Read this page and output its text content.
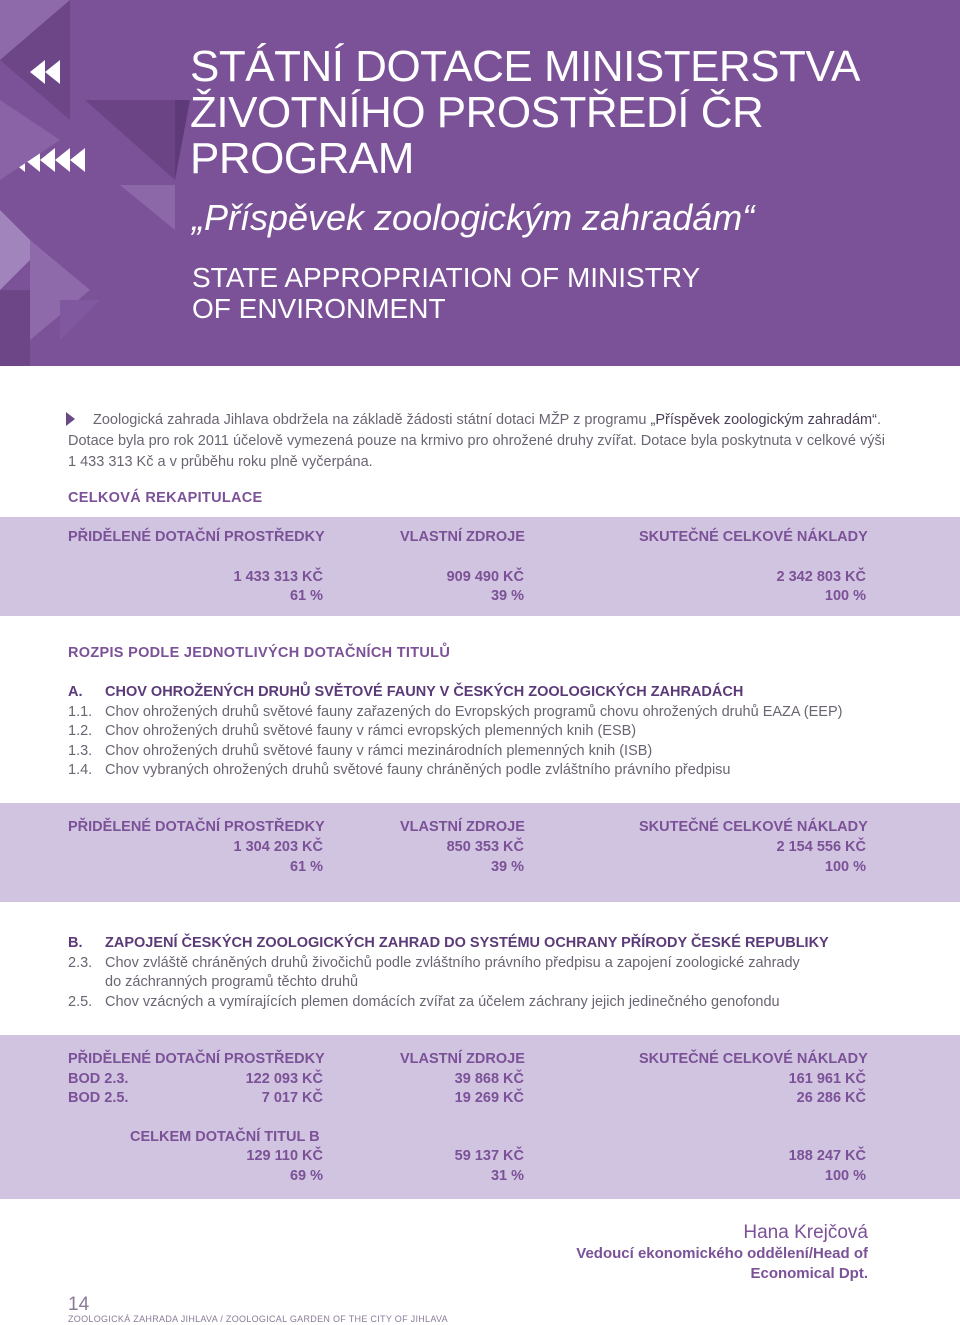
STÁTNÍ DOTACE MINISTERSTVA
ŽIVOTNÍHO PROSTŘEDÍ ČR
PROGRAM
„Příspěvek zoologickým zahradám“
STATE APPROPRIATION OF MINISTRY
OF ENVIRONMENT
Zoologická zahrada Jihlava obdržela na základě žádosti státní dotaci MŽP z programu „Příspěvek zoologickým zahradám“.
Dotace byla pro rok 2011 účelově vymezená pouze na krmivo pro ohrožené druhy zvířat. Dotace byla poskytnuta v celkové výši
1 433 313 Kč a v průběhu roku plně vyčerpána.
CELKOVÁ REKAPITULACE
PŘIDĚLENÉ DOTAČNÍ PROSTŘEDKY	VLASTNÍ ZDROJE	SKUTEČNÉ CELKOVÉ NÁKLADY
1 433 313 KČ	909 490 KČ	2 342 803 KČ
61 %	39 %	100 %
ROZPIS PODLE JEDNOTLIVÝCH DOTAČNÍCH TITULŮ
A. CHOV OHROŽENÝCH DRUHŮ SVĚTOVÉ FAUNY V ČESKÝCH ZOOLOGICKÝCH ZAHRADÁCH
1.1. Chov ohrožených druhů světové fauny zařazených do Evropských programů chovu ohrožených druhů EAZA (EEP)
1.2. Chov ohrožených druhů světové fauny v rámci evropských plemenných knih (ESB)
1.3. Chov ohrožených druhů světové fauny v rámci mezinárodních plemenných knih (ISB)
1.4. Chov vybraných ohrožených druhů světové fauny chráněných podle zvláštního právního předpisu
PŘIDĚLENÉ DOTAČNÍ PROSTŘEDKY	VLASTNÍ ZDROJE	SKUTEČNÉ CELKOVÉ NÁKLADY
1 304 203 KČ	850 353 KČ	2 154 556 KČ
61 %	39 %	100 %
B. ZAPOJENÍ ČESKÝCH ZOOLOGICKÝCH ZAHRAD DO SYSTÉMU OCHRANY PŘÍRODY ČESKÉ REPUBLIKY
2.3. Chov zvláště chráněných druhů živočichů podle zvláštního právního předpisu a zapojení zoologické zahrady
do záchranných programů těchto druhů
2.5. Chov vzácných a vymírajících plemen domácích zvířat za účelem záchrany jejich jedinečného genofondu
PŘIDĚLENÉ DOTAČNÍ PROSTŘEDKY	VLASTNÍ ZDROJE	SKUTEČNÉ CELKOVÉ NÁKLADY
BOD 2.3.	122 093 KČ	39 868 KČ	161 961 KČ
BOD 2.5.	7 017 KČ	19 269 KČ	26 286 KČ
CELKEM DOTAČNÍ TITUL B
129 110 KČ	59 137 KČ	188 247 KČ
69 %	31 %	100 %
Hana Krejčová
Vedoucí ekonomického oddělení/Head of
Economical Dpt.
14
ZOOLOGICKÁ ZAHRADA JIHLAVA / ZOOLOGICAL GARDEN OF THE CITY OF JIHLAVA
